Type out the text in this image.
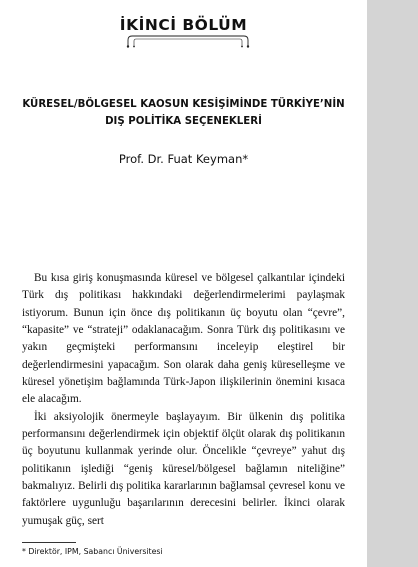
İKİNCİ BÖLÜM
KÜRESEL/BÖLGESEL KAOSUN KESİŞİMİNDE TÜRKİYE’NİN
DIŞ POLİTİKA SEÇENEKLERİ
Prof. Dr. Fuat Keyman*

Bu kısa giriş konuşmasında küresel ve bölgesel çalkantılar içindeki Türk dış politikası hakkındaki değerlendirmelerimi paylaşmak istiyorum. Bunun için önce dış politikanın üç boyutu olan “çevre”, “kapasite” ve “strateji” odaklanacağım. Sonra Türk dış politikasını ve yakın geçmişteki performansını inceleyip eleştirel bir değerlendirmesini yapacağım. Son olarak daha geniş küreselleşme ve küresel yönetişim bağlamında Türk-Japon ilişkilerinin önemini kısaca ele alacağım.

İki aksiyolojik önermeyle başlayayım. Bir ülkenin dış politika performansını değerlendirmek için objektif ölçüt olarak dış politikanın üç boyutunu kullanmak yerinde olur. Öncelikle “çevreye” yahut dış politikanın işlediği “geniş küresel/bölgesel bağlamın niteliğine” bakmalıyız. Belirli dış politika kararlarının bağlamsal çevresel konu ve faktörlere uygunluğu başarılarının derecesini belirler. İkinci olarak yumuşak güç, sert

* Direktör, IPM, Sabancı Üniversitesi
